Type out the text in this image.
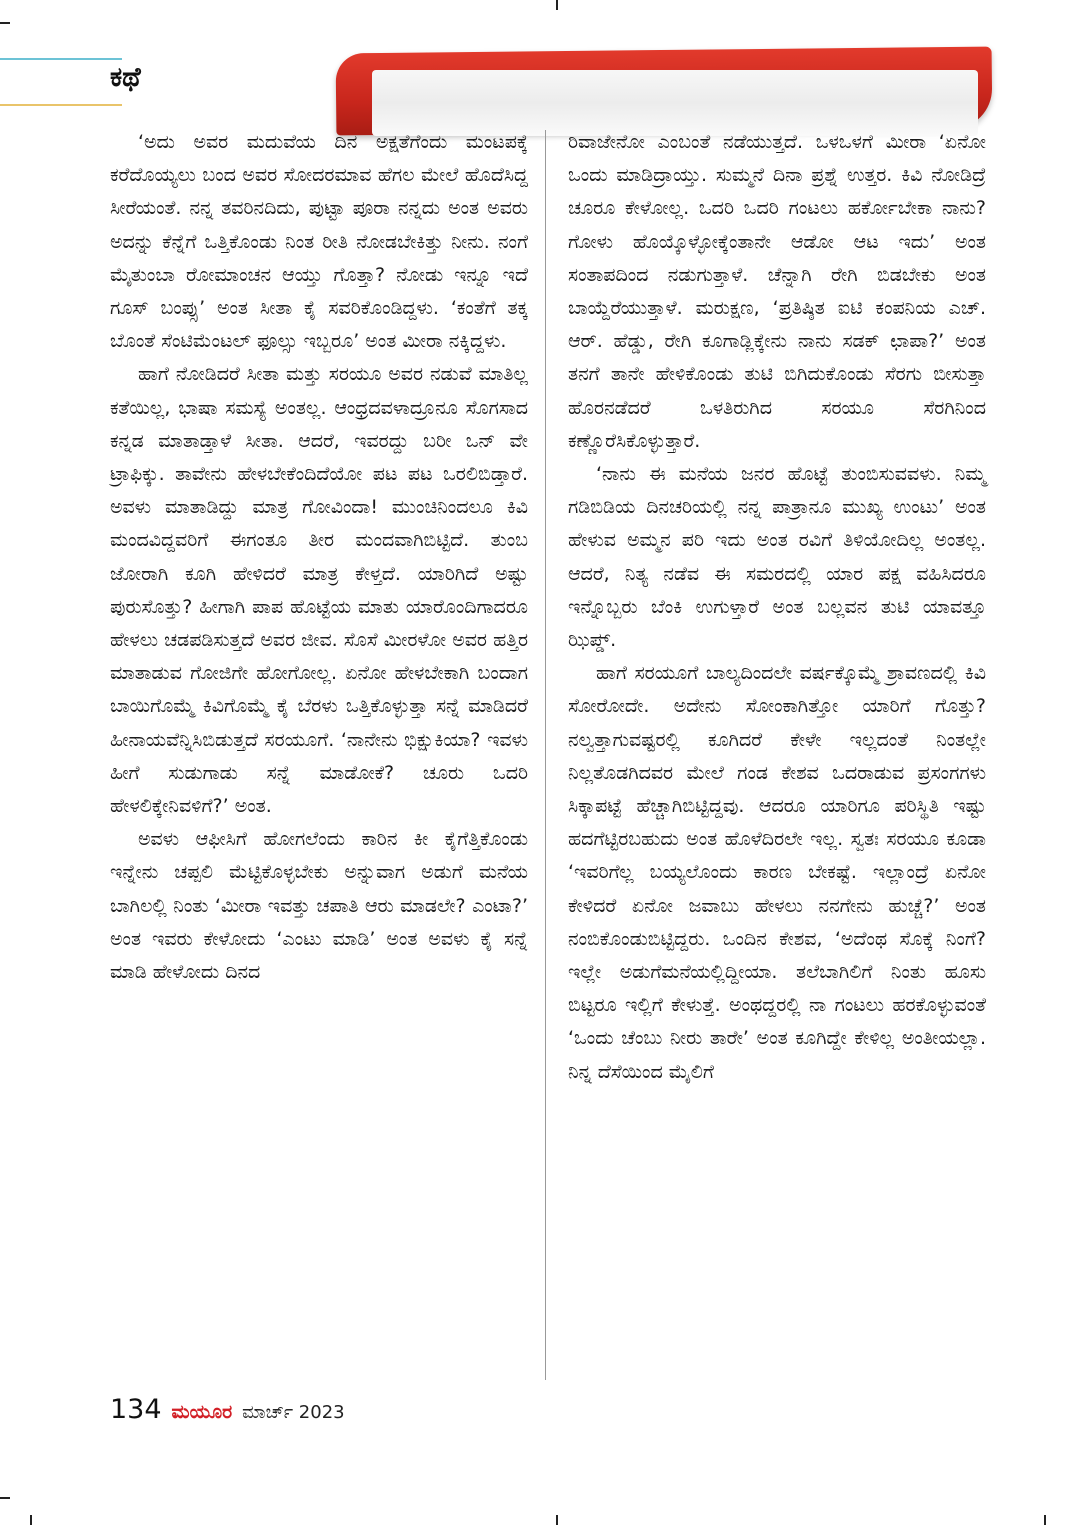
ಕಥೆ

‘ಅದು ಅವರ ಮದುವೆಯ ದಿನ ಅಕ್ಷತೆಗೆಂದು ಮಂಟಪಕ್ಕೆ ಕರೆದೊಯ್ಯಲು ಬಂದ ಅವರ ಸೋದರಮಾವ ಹೆಗಲ ಮೇಲೆ ಹೊದೆಸಿದ್ದ ಸೀರೆಯಂತೆ. ನನ್ನ ತವರಿನದಿದು, ಪುಟ್ಟಾ ಪೂರಾ ನನ್ನದು ಅಂತ ಅವರು ಅದನ್ನು ಕೆನ್ನೆಗೆ ಒತ್ತಿಕೊಂಡು ನಿಂತ ರೀತಿ ನೋಡಬೇಕಿತ್ತು ನೀನು. ನಂಗೆ ಮೈತುಂಬಾ ರೋಮಾಂಚನ ಆಯ್ತು ಗೊತ್ತಾ? ನೋಡು ಇನ್ನೂ ಇದೆ ಗೂಸ್ ಬಂಪ್ಸು’ ಅಂತ ಸೀತಾ ಕೈ ಸವರಿಕೊಂಡಿದ್ದಳು. ‘ಕಂತೆಗೆ ತಕ್ಕ ಬೊಂತೆ ಸೆಂಟಿಮೆಂಟಲ್ ಫೂಲ್ಸು ಇಬ್ಬರೂ’ ಅಂತ ಮೀರಾ ನಕ್ಕಿದ್ದಳು.

ಹಾಗೆ ನೋಡಿದರೆ ಸೀತಾ ಮತ್ತು ಸರಯೂ ಅವರ ನಡುವೆ ಮಾತಿಲ್ಲ ಕತೆಯಿಲ್ಲ, ಭಾಷಾ ಸಮಸ್ಯೆ ಅಂತಲ್ಲ. ಆಂಧ್ರದವಳಾದ್ರೂನೂ ಸೊಗಸಾದ ಕನ್ನಡ ಮಾತಾಡ್ತಾಳೆ ಸೀತಾ. ಆದರೆ, ಇವರದ್ದು ಬರೀ ಒನ್ ವೇ ಟ್ರಾಫಿಕ್ಕು. ತಾವೇನು ಹೇಳಬೇಕೆಂದಿದೆಯೋ ಪಟ ಪಟ ಒರಲಿಬಿಡ್ತಾರೆ. ಅವಳು ಮಾತಾಡಿದ್ದು ಮಾತ್ರ ಗೋವಿಂದಾ! ಮುಂಚಿನಿಂದಲೂ ಕಿವಿ ಮಂದವಿದ್ದವರಿಗೆ ಈಗಂತೂ ತೀರ ಮಂದವಾಗಿಬಿಟ್ಟಿದೆ. ತುಂಬ ಜೋರಾಗಿ ಕೂಗಿ ಹೇಳಿದರೆ ಮಾತ್ರ ಕೇಳ್ತದೆ. ಯಾರಿಗಿದೆ ಅಷ್ಟು ಪುರುಸೊತ್ತು? ಹೀಗಾಗಿ ಪಾಪ ಹೊಟ್ಟೆಯ ಮಾತು ಯಾರೊಂದಿಗಾದರೂ ಹೇಳಲು ಚಡಪಡಿಸುತ್ತದೆ ಅವರ ಜೀವ. ಸೊಸೆ ಮೀರಳೋ ಅವರ ಹತ್ತಿರ ಮಾತಾಡುವ ಗೋಜಿಗೇ ಹೋಗೋಲ್ಲ. ಏನೋ ಹೇಳಬೇಕಾಗಿ ಬಂದಾಗ ಬಾಯಿಗೊಮ್ಮೆ ಕಿವಿಗೊಮ್ಮೆ ಕೈ ಬೆರಳು ಒತ್ತಿಕೊಳ್ಳುತ್ತಾ ಸನ್ನೆ ಮಾಡಿದರೆ ಹೀನಾಯವೆನ್ನಿಸಿಬಿಡುತ್ತದೆ ಸರಯೂಗೆ. ‘ನಾನೇನು ಭಿಕ್ಷುಕಿಯಾ? ಇವಳು ಹೀಗೆ ಸುಡುಗಾಡು ಸನ್ನೆ ಮಾಡೋಕೆ? ಚೂರು ಒದರಿ ಹೇಳಲಿಕ್ಕೇನಿವಳಿಗೆ?’ ಅಂತ.

ಅವಳು ಆಫೀಸಿಗೆ ಹೋಗಲೆಂದು ಕಾರಿನ ಕೀ ಕೈಗೆತ್ತಿಕೊಂಡು ಇನ್ನೇನು ಚಪ್ಪಲಿ ಮೆಟ್ಟಿಕೊಳ್ಳಬೇಕು ಅನ್ನುವಾಗ ಅಡುಗೆ ಮನೆಯ ಬಾಗಿಲಲ್ಲಿ ನಿಂತು ‘ಮೀರಾ ಇವತ್ತು ಚಪಾತಿ ಆರು ಮಾಡಲೇ? ಎಂಟಾ?’ ಅಂತ ಇವರು ಕೇಳೋದು ‘ಎಂಟು ಮಾಡಿ’ ಅಂತ ಅವಳು ಕೈ ಸನ್ನೆ ಮಾಡಿ ಹೇಳೋದು ದಿನದ

ರಿವಾಜೇನೋ ಎಂಬಂತೆ ನಡೆಯುತ್ತದೆ. ಒಳಒಳಗೆ ಮೀರಾ ‘ಏನೋ ಒಂದು ಮಾಡಿದ್ರಾಯ್ತು. ಸುಮ್ಮನೆ ದಿನಾ ಪ್ರಶ್ನೆ ಉತ್ತರ. ಕಿವಿ ನೋಡಿದ್ರೆ ಚೂರೂ ಕೇಳೋಲ್ಲ. ಒದರಿ ಒದರಿ ಗಂಟಲು ಹರ್ಕೋಬೇಕಾ ನಾನು? ಗೋಳು ಹೊಯ್ಕೊಳ್ಳೋಕ್ಕೆಂತಾನೇ ಆಡೋ ಆಟ ಇದು’ ಅಂತ ಸಂತಾಪದಿಂದ ನಡುಗುತ್ತಾಳೆ. ಚೆನ್ನಾಗಿ ರೇಗಿ ಬಿಡಬೇಕು ಅಂತ ಬಾಯ್ದೆರೆಯುತ್ತಾಳೆ. ಮರುಕ್ಷಣ, ‘ಪ್ರತಿಷ್ಠಿತ ಐಟಿ ಕಂಪನಿಯ ಎಚ್. ಆರ್. ಹೆಡ್ಡು, ರೇಗಿ ಕೂಗಾಡ್ಲಿಕ್ಕೇನು ನಾನು ಸಡಕ್ ಛಾಪಾ?’ ಅಂತ ತನಗೆ ತಾನೇ ಹೇಳಿಕೊಂಡು ತುಟಿ ಬಿಗಿದುಕೊಂಡು ಸೆರಗು ಬೀಸುತ್ತಾ ಹೊರನಡೆದರೆ ಒಳತಿರುಗಿದ ಸರಯೂ ಸೆರಗಿನಿಂದ ಕಣ್ಣೊರೆಸಿಕೊಳ್ಳುತ್ತಾರೆ.

‘ನಾನು ಈ ಮನೆಯ ಜನರ ಹೊಟ್ಟೆ ತುಂಬಿಸುವವಳು. ನಿಮ್ಮ ಗಡಿಬಿಡಿಯ ದಿನಚರಿಯಲ್ಲಿ ನನ್ನ ಪಾತ್ರಾನೂ ಮುಖ್ಯ ಉಂಟು’ ಅಂತ ಹೇಳುವ ಅಮ್ಮನ ಪರಿ ಇದು ಅಂತ ರವಿಗೆ ತಿಳಿಯೋದಿಲ್ಲ ಅಂತಲ್ಲ. ಆದರೆ, ನಿತ್ಯ ನಡೆವ ಈ ಸಮರದಲ್ಲಿ ಯಾರ ಪಕ್ಷ ವಹಿಸಿದರೂ ಇನ್ನೊಬ್ಬರು ಬೆಂಕಿ ಉಗುಳ್ತಾರೆ ಅಂತ ಬಲ್ಲವನ ತುಟಿ ಯಾವತ್ತೂ ಝಿಪ್ಡ್.

ಹಾಗೆ ಸರಯೂಗೆ ಬಾಲ್ಯದಿಂದಲೇ ವರ್ಷಕ್ಕೊಮ್ಮೆ ಶ್ರಾವಣದಲ್ಲಿ ಕಿವಿ ಸೋರೋದೇ. ಅದೇನು ಸೋಂಕಾಗಿತ್ತೋ ಯಾರಿಗೆ ಗೊತ್ತು? ನಲ್ವತ್ತಾಗುವಷ್ಟರಲ್ಲಿ ಕೂಗಿದರೆ ಕೇಳೇ ಇಲ್ಲದಂತೆ ನಿಂತಲ್ಲೇ ನಿಲ್ಲತೊಡಗಿದವರ ಮೇಲೆ ಗಂಡ ಕೇಶವ ಒದರಾಡುವ ಪ್ರಸಂಗಗಳು ಸಿಕ್ಕಾಪಟ್ಟೆ ಹೆಚ್ಚಾಗಿಬಿಟ್ಟಿದ್ದವು. ಆದರೂ ಯಾರಿಗೂ ಪರಿಸ್ಥಿತಿ ಇಷ್ಟು ಹದಗೆಟ್ಟಿರಬಹುದು ಅಂತ ಹೊಳೆದಿರಲೇ ಇಲ್ಲ. ಸ್ವತಃ ಸರಯೂ ಕೂಡಾ ‘ಇವರಿಗೆಲ್ಲ ಬಯ್ಯಲೊಂದು ಕಾರಣ ಬೇಕಷ್ಟೆ. ಇಲ್ಲಾಂದ್ರೆ ಏನೋ ಕೇಳಿದರೆ ಏನೋ ಜವಾಬು ಹೇಳಲು ನನಗೇನು ಹುಚ್ಚೆ?’ ಅಂತ ನಂಬಿಕೊಂಡುಬಿಟ್ಟಿದ್ದರು. ಒಂದಿನ ಕೇಶವ, ‘ಅದೆಂಥ ಸೊಕ್ಕೆ ನಿಂಗೆ? ಇಲ್ಲೇ ಅಡುಗೆಮನೆಯಲ್ಲಿದ್ದೀಯಾ. ತಲೆಬಾಗಿಲಿಗೆ ನಿಂತು ಹೂಸು ಬಿಟ್ಟರೂ ಇಲ್ಲಿಗೆ ಕೇಳುತ್ತೆ. ಅಂಥದ್ದರಲ್ಲಿ ನಾ ಗಂಟಲು ಹರಕೊಳ್ಳುವಂತೆ ‘ಒಂದು ಚೆಂಬು ನೀರು ತಾರೇ’ ಅಂತ ಕೂಗಿದ್ದೇ ಕೇಳಿಲ್ಲ ಅಂತೀಯಲ್ಲಾ. ನಿನ್ನ ದೆಸೆಯಿಂದ ಮೈಲಿಗೆ

134 ಮಯೂರ ಮಾರ್ಚ್ 2023
